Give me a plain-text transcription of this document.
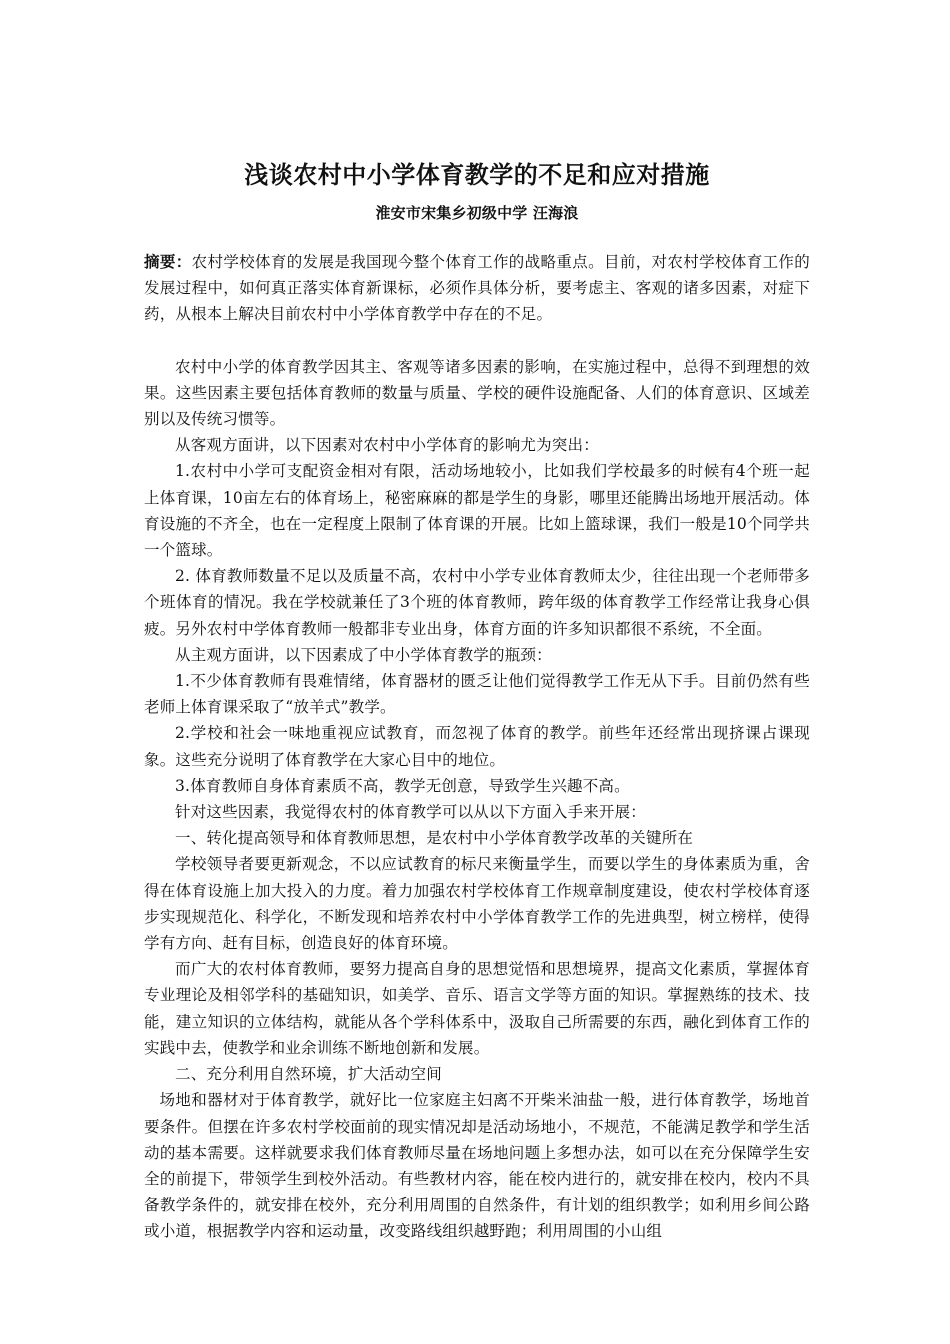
浅谈农村中小学体育教学的不足和应对措施
淮安市宋集乡初级中学 汪海浪

摘要：农村学校体育的发展是我国现今整个体育工作的战略重点。目前，对农村学校体育工作的发展过程中，如何真正落实体育新课标，必须作具体分析，要考虑主、客观的诸多因素，对症下药，从根本上解决目前农村中小学体育教学中存在的不足。

农村中小学的体育教学因其主、客观等诸多因素的影响，在实施过程中，总得不到理想的效果。这些因素主要包括体育教师的数量与质量、学校的硬件设施配备、人们的体育意识、区域差别以及传统习惯等。

从客观方面讲，以下因素对农村中小学体育的影响尤为突出：

1.农村中小学可支配资金相对有限，活动场地较小，比如我们学校最多的时候有4个班一起上体育课，10亩左右的体育场上，秘密麻麻的都是学生的身影，哪里还能腾出场地开展活动。体育设施的不齐全，也在一定程度上限制了体育课的开展。比如上篮球课，我们一般是10个同学共一个篮球。

2. 体育教师数量不足以及质量不高，农村中小学专业体育教师太少，往往出现一个老师带多个班体育的情况。我在学校就兼任了3个班的体育教师，跨年级的体育教学工作经常让我身心俱疲。另外农村中学体育教师一般都非专业出身，体育方面的许多知识都很不系统，不全面。

从主观方面讲，以下因素成了中小学体育教学的瓶颈：

1.不少体育教师有畏难情绪，体育器材的匮乏让他们觉得教学工作无从下手。目前仍然有些老师上体育课采取了“放羊式”教学。

2.学校和社会一味地重视应试教育，而忽视了体育的教学。前些年还经常出现挤课占课现象。这些充分说明了体育教学在大家心目中的地位。

3.体育教师自身体育素质不高，教学无创意，导致学生兴趣不高。

针对这些因素，我觉得农村的体育教学可以从以下方面入手来开展：

一、转化提高领导和体育教师思想，是农村中小学体育教学改革的关键所在

学校领导者要更新观念，不以应试教育的标尺来衡量学生，而要以学生的身体素质为重，舍得在体育设施上加大投入的力度。着力加强农村学校体育工作规章制度建设，使农村学校体育逐步实现规范化、科学化，不断发现和培养农村中小学体育教学工作的先进典型，树立榜样，使得学有方向、赶有目标，创造良好的体育环境。

而广大的农村体育教师，要努力提高自身的思想觉悟和思想境界，提高文化素质，掌握体育专业理论及相邻学科的基础知识，如美学、音乐、语言文学等方面的知识。掌握熟练的技术、技能，建立知识的立体结构，就能从各个学科体系中，汲取自己所需要的东西，融化到体育工作的实践中去，使教学和业余训练不断地创新和发展。

二、充分利用自然环境，扩大活动空间

场地和器材对于体育教学，就好比一位家庭主妇离不开柴米油盐一般，进行体育教学，场地首要条件。但摆在许多农村学校面前的现实情况却是活动场地小，不规范，不能满足教学和学生活动的基本需要。这样就要求我们体育教师尽量在场地问题上多想办法，如可以在充分保障学生安全的前提下，带领学生到校外活动。有些教材内容，能在校内进行的，就安排在校内，校内不具备教学条件的，就安排在校外，充分利用周围的自然条件，有计划的组织教学；如利用乡间公路或小道，根据教学内容和运动量，改变路线组织越野跑；利用周围的小山组
